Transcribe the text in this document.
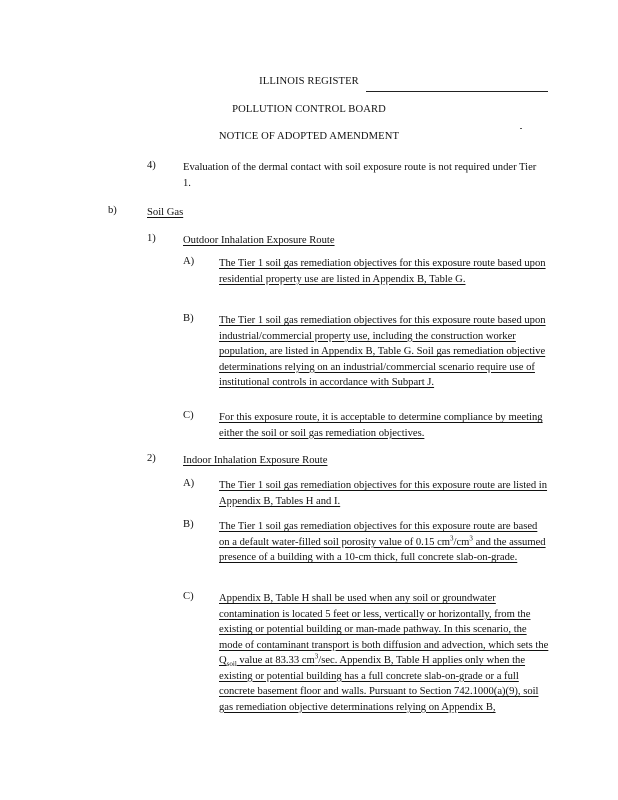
ILLINOIS REGISTER
POLLUTION CONTROL BOARD
NOTICE OF ADOPTED AMENDMENT
4)	Evaluation of the dermal contact with soil exposure route is not required under Tier 1.
b)	Soil Gas
1)	Outdoor Inhalation Exposure Route
A) The Tier 1 soil gas remediation objectives for this exposure route based upon residential property use are listed in Appendix B, Table G.
B) The Tier 1 soil gas remediation objectives for this exposure route based upon industrial/commercial property use, including the construction worker population, are listed in Appendix B, Table G. Soil gas remediation objective determinations relying on an industrial/commercial scenario require use of institutional controls in accordance with Subpart J.
C) For this exposure route, it is acceptable to determine compliance by meeting either the soil or soil gas remediation objectives.
2)	Indoor Inhalation Exposure Route
A) The Tier 1 soil gas remediation objectives for this exposure route are listed in Appendix B, Tables H and I.
B) The Tier 1 soil gas remediation objectives for this exposure route are based on a default water-filled soil porosity value of 0.15 $cm^3/cm^3$ and the assumed presence of a building with a 10-cm thick, full concrete slab-on-grade.
C) Appendix B, Table H shall be used when any soil or groundwater contamination is located 5 feet or less, vertically or horizontally, from the existing or potential building or man-made pathway. In this scenario, the mode of contaminant transport is both diffusion and advection, which sets the $Q_{soil}$ value at 83.33 $cm^3/\sec$. Appendix B, Table H applies only when the existing or potential building has a full concrete slab-on-grade or a full concrete basement floor and walls. Pursuant to Section 742.1000(a)(9), soil gas remediation objective determinations relying on Appendix B,
